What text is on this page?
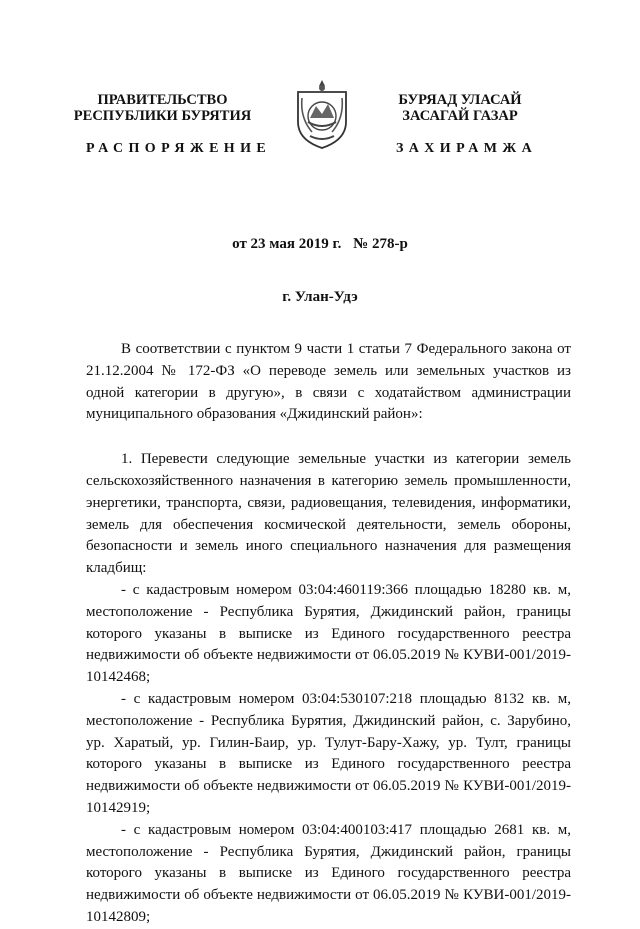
ПРАВИТЕЛЬСТВО
РЕСПУБЛИКИ БУРЯТИЯ
РАСПОРЯЖЕНИЕ
БУРЯАД УЛАСАЙ
ЗАСАГАЙ ГАЗАР
ЗАХИРАМЖА
от 23 мая 2019 г. № 278-р
г. Улан-Удэ

В соответствии с пунктом 9 части 1 статьи 7 Федерального закона от 21.12.2004 № 172-ФЗ «О переводе земель или земельных участков из одной категории в другую», в связи с ходатайством администрации муниципального образования «Джидинский район»:

1. Перевести следующие земельные участки из категории земель сельскохозяйственного назначения в категорию земель промышленности, энергетики, транспорта, связи, радиовещания, телевидения, информатики, земель для обеспечения космической деятельности, земель обороны, безопасности и земель иного специального назначения для размещения кладбищ:

- с кадастровым номером 03:04:460119:366 площадью 18280 кв. м, местоположение - Республика Бурятия, Джидинский район, границы которого указаны в выписке из Единого государственного реестра недвижимости об объекте недвижимости от 06.05.2019 № КУВИ-001/2019-10142468;

- с кадастровым номером 03:04:530107:218 площадью 8132 кв. м, местоположение - Республика Бурятия, Джидинский район, с. Зарубино, ур. Харатый, ур. Гилин-Баир, ур. Тулут-Бару-Хажу, ур. Тулт, границы которого указаны в выписке из Единого государственного реестра недвижимости об объекте недвижимости от 06.05.2019 № КУВИ-001/2019-10142919;

- с кадастровым номером 03:04:400103:417 площадью 2681 кв. м, местоположение - Республика Бурятия, Джидинский район, границы которого указаны в выписке из Единого государственного реестра недвижимости об объекте недвижимости от 06.05.2019 № КУВИ-001/2019-10142809;
